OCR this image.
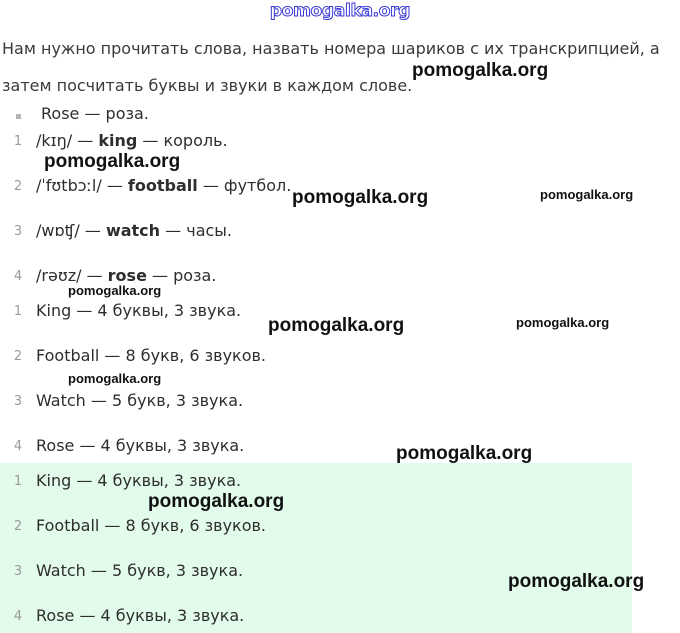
pomogalka.org

Нам нужно прочитать слова, назвать номера шариков с их транскрипцией, а затем посчитать буквы и звуки в каждом слове.

Rose — роза.
1 /kɪŋ/ — king — король.
2 /ˈfʊtbɔːl/ — football — футбол.
3 /wɒʧ/ — watch — часы.
4 /rəʊz/ — rose — роза.
1 King — 4 буквы, 3 звука.
2 Football — 8 букв, 6 звуков.
3 Watch — 5 букв, 3 звука.
4 Rose — 4 буквы, 3 звука.
1 King — 4 буквы, 3 звука.
2 Football — 8 букв, 6 звуков.
3 Watch — 5 букв, 3 звука.
4 Rose — 4 буквы, 3 звука.
pomogalka.org
pomogalka.org
pomogalka.org	pomogalka.org
pomogalka.org
pomogalka.org	pomogalka.org
pomogalka.org
pomogalka.org
pomogalka.org
pomogalka.org
